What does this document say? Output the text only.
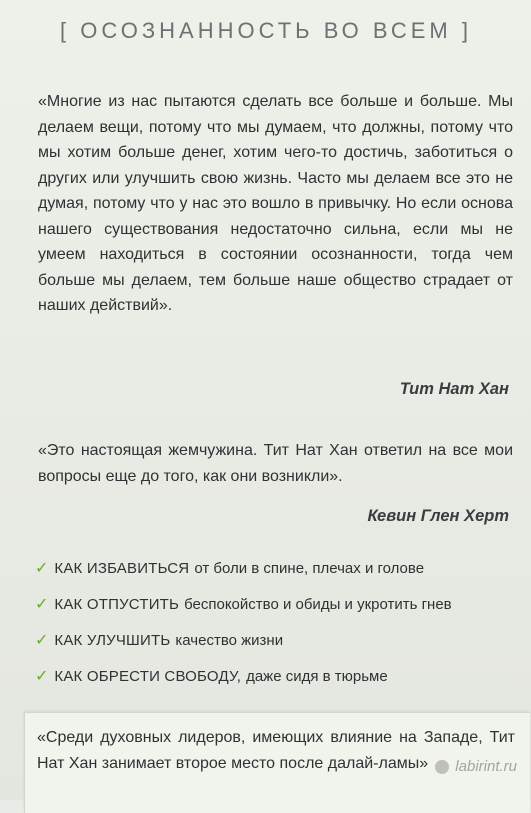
[ ОСОЗНАННОСТЬ ВО ВСЕМ ]
«Многие из нас пытаются сделать все больше и больше. Мы делаем вещи, потому что мы думаем, что должны, потому что мы хотим больше денег, хотим чего-то достичь, заботиться о других или улучшить свою жизнь. Часто мы делаем все это не думая, потому что у нас это вошло в привычку. Но если основа нашего существования недостаточно сильна, если мы не умеем находиться в состоянии осознанности, тогда чем больше мы делаем, тем больше наше общество страдает от наших действий».
Тит Нат Хан
«Это настоящая жемчужина. Тит Нат Хан ответил на все мои вопросы еще до того, как они возникли».
Кевин Глен Херт
✓ КАК ИЗБАВИТЬСЯ от боли в спине, плечах и голове
✓ КАК ОТПУСТИТЬ беспокойство и обиды и укротить гнев
✓ КАК УЛУЧШИТЬ качество жизни
✓ КАК ОБРЕСТИ СВОБОДУ, даже сидя в тюрьме
«Среди духовных лидеров, имеющих влияние на Западе, Тит Нат Хан занимает второе место после далай-ламы»	labirint.ru
